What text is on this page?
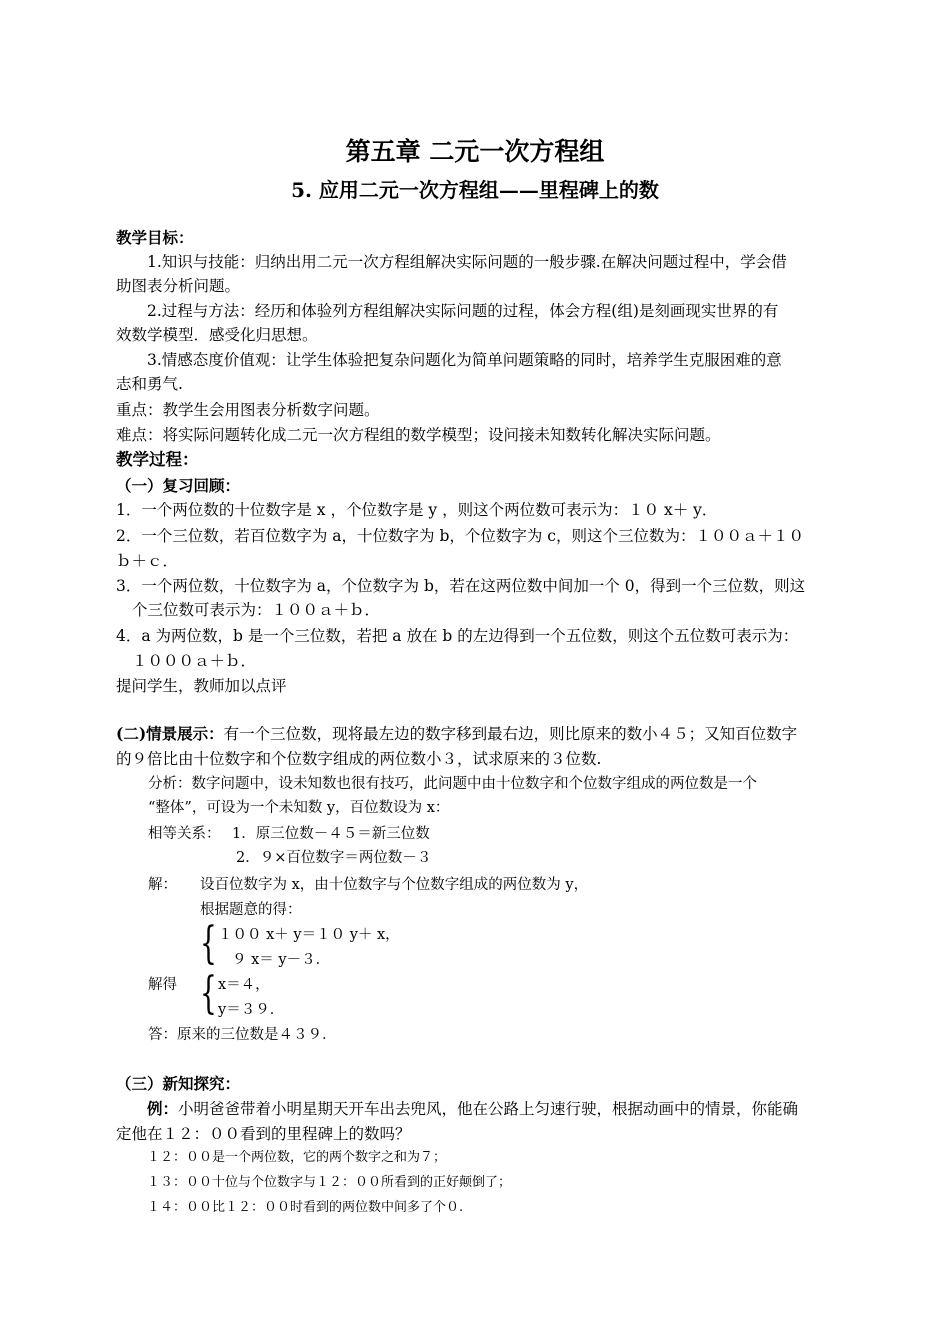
第五章 二元一次方程组
5. 应用二元一次方程组——里程碑上的数
教学目标：
1.知识与技能：归纳出用二元一次方程组解决实际问题的一般步骤.在解决问题过程中，学会借
助图表分析问题。
2.过程与方法：经历和体验列方程组解决实际问题的过程，体会方程(组)是刻画现实世界的有
效数学模型．感受化归思想。
3.情感态度价值观：让学生体验把复杂问题化为简单问题策略的同时，培养学生克服困难的意
志和勇气.
重点：教学生会用图表分析数字问题。
难点：将实际问题转化成二元一次方程组的数学模型；设问接未知数转化解决实际问题。
教学过程：
（一）复习回顾：
1．一个两位数的十位数字是 x ，个位数字是 y ，则这个两位数可表示为：１０ x＋ y．
2．一个三位数，若百位数字为 a，十位数字为 b，个位数字为 c，则这个三位数为：１００ａ＋１０
ｂ＋ｃ．
3．一个两位数，十位数字为 a，个位数字为 b，若在这两位数中间加一个 0，得到一个三位数，则这
个三位数可表示为：１００ａ＋ｂ．
4．a 为两位数，b 是一个三位数，若把 a 放在 b 的左边得到一个五位数，则这个五位数可表示为：
１０００ａ＋ｂ．
提问学生，教师加以点评
(二)情景展示：有一个三位数，现将最左边的数字移到最右边，则比原来的数小４５；又知百位数字
的９倍比由十位数字和个位数字组成的两位数小３，试求原来的３位数.
分析：数字问题中，设未知数也很有技巧，此问题中由十位数字和个位数字组成的两位数是一个
“整体”，可设为一个未知数 y，百位数设为 x：
相等关系： 1．原三位数－４５＝新三位数
2．９×百位数字＝两位数－３
解： 设百位数字为 x，由十位数字与个位数字组成的两位数为 y，
根据题意的得：
{ １００ x＋ y＝１０ y＋ x，
９ x＝ y－３．
解得 { x＝４，
y＝３９．
答：原来的三位数是４３９．
（三）新知探究：
例：小明爸爸带着小明星期天开车出去兜风，他在公路上匀速行驶，根据动画中的情景，你能确
定他在１２：００看到的里程碑上的数吗？
１２：００是一个两位数，它的两个数字之和为７；
１３：００十位与个位数字与１２：００所看到的正好颠倒了；
１４：００比１２：００时看到的两位数中间多了个０.
